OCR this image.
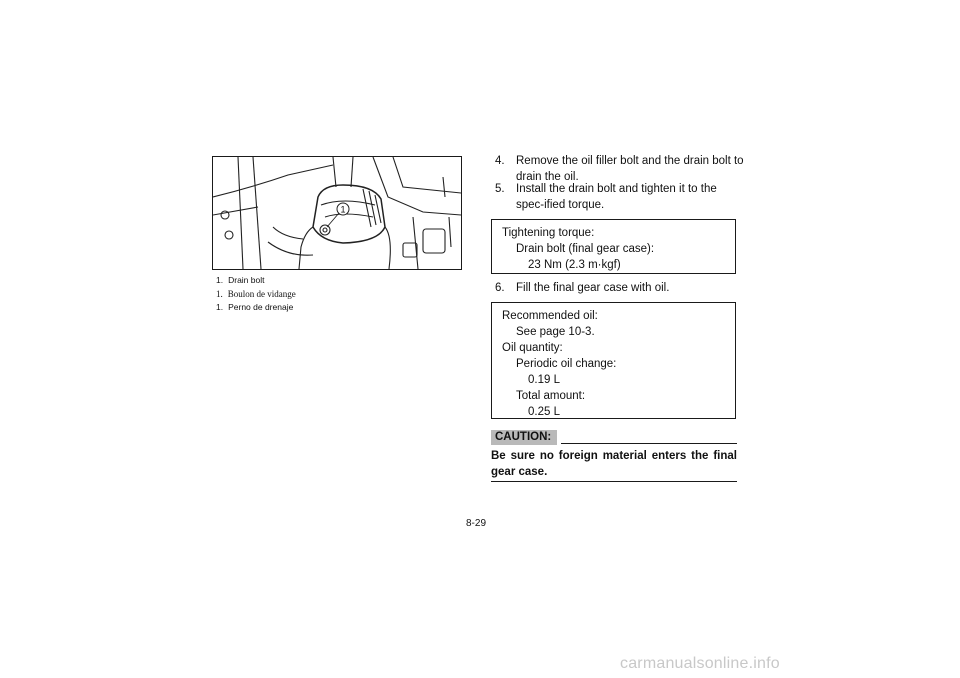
1
1. Drain bolt
1. Boulon de vidange
1. Perno de drenaje
4. Remove the oil filler bolt and the drain bolt to drain the oil.
5. Install the drain bolt and tighten it to the spec-ified torque.
Tightening torque:
Drain bolt (final gear case):
23 Nm (2.3 m·kgf)
6. Fill the final gear case with oil.
Recommended oil:
See page 10-3.
Oil quantity:
Periodic oil change:
0.19 L
Total amount:
0.25 L
CAUTION:
Be sure no foreign material enters the final gear case.
8-29
carmanualsonline.info
